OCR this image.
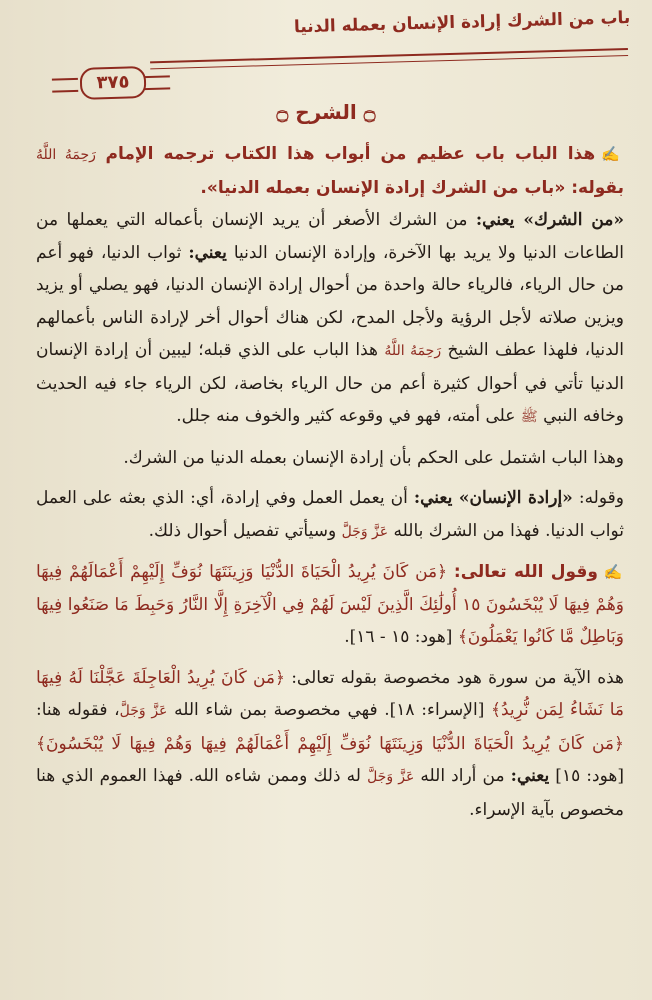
باب من الشرك إرادة الإنسان بعمله الدنيا
٣٧٥
۝ الشرح ۝

✍هذا الباب باب عظيم من أبواب هذا الكتاب ترجمه الإمام رَحِمَهُ اللَّهُ بقوله: «باب من الشرك إرادة الإنسان بعمله الدنيا».

«من الشرك» يعني: من الشرك الأصغر أن يريد الإنسان بأعماله التي يعملها من الطاعات الدنيا ولا يريد بها الآخرة، وإرادة الإنسان الدنيا يعني: ثواب الدنيا، فهو أعم من حال الرياء، فالرياء حالة واحدة من أحوال إرادة الإنسان الدنيا، فهو يصلي أو يزيد ويزين صلاته لأجل الرؤية ولأجل المدح، لكن هناك أحوال أخر لإرادة الناس بأعمالهم الدنيا، فلهذا عطف الشيخ رَحِمَهُ اللَّهُ هذا الباب على الذي قبله؛ ليبين أن إرادة الإنسان الدنيا تأتي في أحوال كثيرة أعم من حال الرياء بخاصة، لكن الرياء جاء فيه الحديث وخافه النبي ﷺ على أمته، فهو في وقوعه كثير والخوف منه جلل.

وهذا الباب اشتمل على الحكم بأن إرادة الإنسان بعمله الدنيا من الشرك.

وقوله: «إرادة الإنسان» يعني: أن يعمل العمل وفي إرادة، أي: الذي بعثه على العمل ثواب الدنيا. فهذا من الشرك بالله عَزَّ وَجَلَّ وسيأتي تفصيل أحوال ذلك.

✍وقول الله تعالى: ﴿مَن كَانَ يُرِيدُ الْحَيَاةَ الدُّنْيَا وَزِينَتَهَا نُوَفِّ إِلَيْهِمْ أَعْمَالَهُمْ فِيهَا وَهُمْ فِيهَا لَا يُبْخَسُونَ ١٥ أُولَٰئِكَ الَّذِينَ لَيْسَ لَهُمْ فِي الْآخِرَةِ إِلَّا النَّارُ وَحَبِطَ مَا صَنَعُوا فِيهَا وَبَاطِلٌ مَّا كَانُوا يَعْمَلُونَ﴾ [هود: ١٥ - ١٦].

هذه الآية من سورة هود مخصوصة بقوله تعالى: ﴿مَن كَانَ يُرِيدُ الْعَاجِلَةَ عَجَّلْنَا لَهُ فِيهَا مَا نَشَاءُ لِمَن نُّرِيدُ﴾ [الإسراء: ١٨]. فهي مخصوصة بمن شاء الله عَزَّ وَجَلَّ، فقوله هنا: ﴿مَن كَانَ يُرِيدُ الْحَيَاةَ الدُّنْيَا وَزِينَتَهَا نُوَفِّ إِلَيْهِمْ أَعْمَالَهُمْ فِيهَا وَهُمْ فِيهَا لَا يُبْخَسُونَ﴾ [هود: ١٥] يعني: من أراد الله عَزَّ وَجَلَّ له ذلك وممن شاءه الله. فهذا العموم الذي هنا مخصوص بآية الإسراء.
